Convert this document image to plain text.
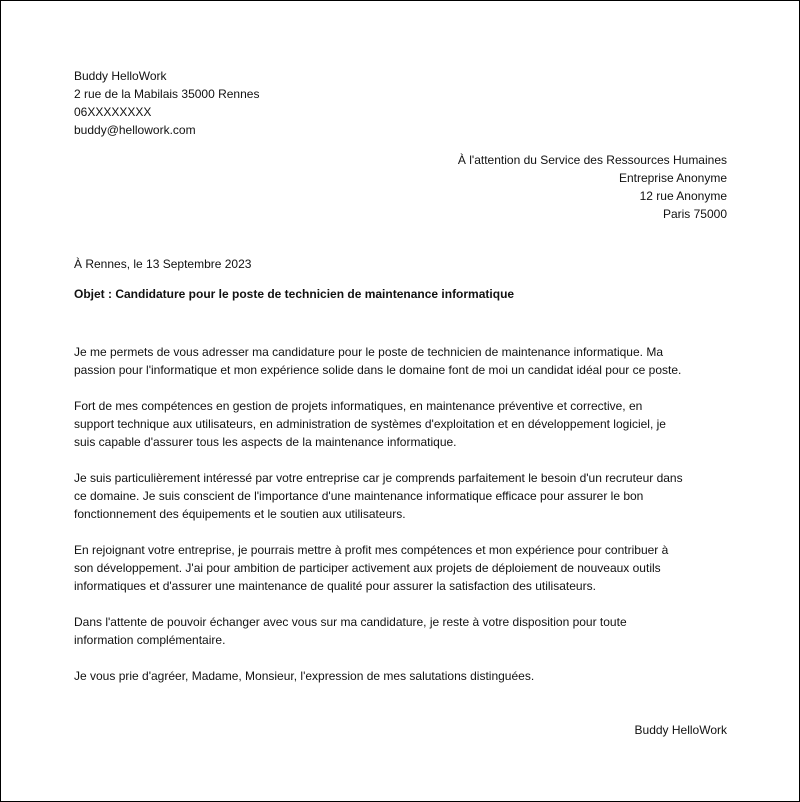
Buddy HelloWork
2 rue de la Mabilais 35000 Rennes
06XXXXXXXX
buddy@hellowork.com
À l'attention du Service des Ressources Humaines
Entreprise Anonyme
12 rue Anonyme
Paris 75000
À Rennes, le 13 Septembre 2023
Objet : Candidature pour le poste de technicien de maintenance informatique

Je me permets de vous adresser ma candidature pour le poste de technicien de maintenance informatique. Ma
passion pour l'informatique et mon expérience solide dans le domaine font de moi un candidat idéal pour ce poste.

Fort de mes compétences en gestion de projets informatiques, en maintenance préventive et corrective, en
support technique aux utilisateurs, en administration de systèmes d'exploitation et en développement logiciel, je
suis capable d'assurer tous les aspects de la maintenance informatique.

Je suis particulièrement intéressé par votre entreprise car je comprends parfaitement le besoin d'un recruteur dans
ce domaine. Je suis conscient de l'importance d'une maintenance informatique efficace pour assurer le bon
fonctionnement des équipements et le soutien aux utilisateurs.

En rejoignant votre entreprise, je pourrais mettre à profit mes compétences et mon expérience pour contribuer à
son développement. J'ai pour ambition de participer activement aux projets de déploiement de nouveaux outils
informatiques et d'assurer une maintenance de qualité pour assurer la satisfaction des utilisateurs.

Dans l'attente de pouvoir échanger avec vous sur ma candidature, je reste à votre disposition pour toute
information complémentaire.

Je vous prie d'agréer, Madame, Monsieur, l'expression de mes salutations distinguées.

Buddy HelloWork
